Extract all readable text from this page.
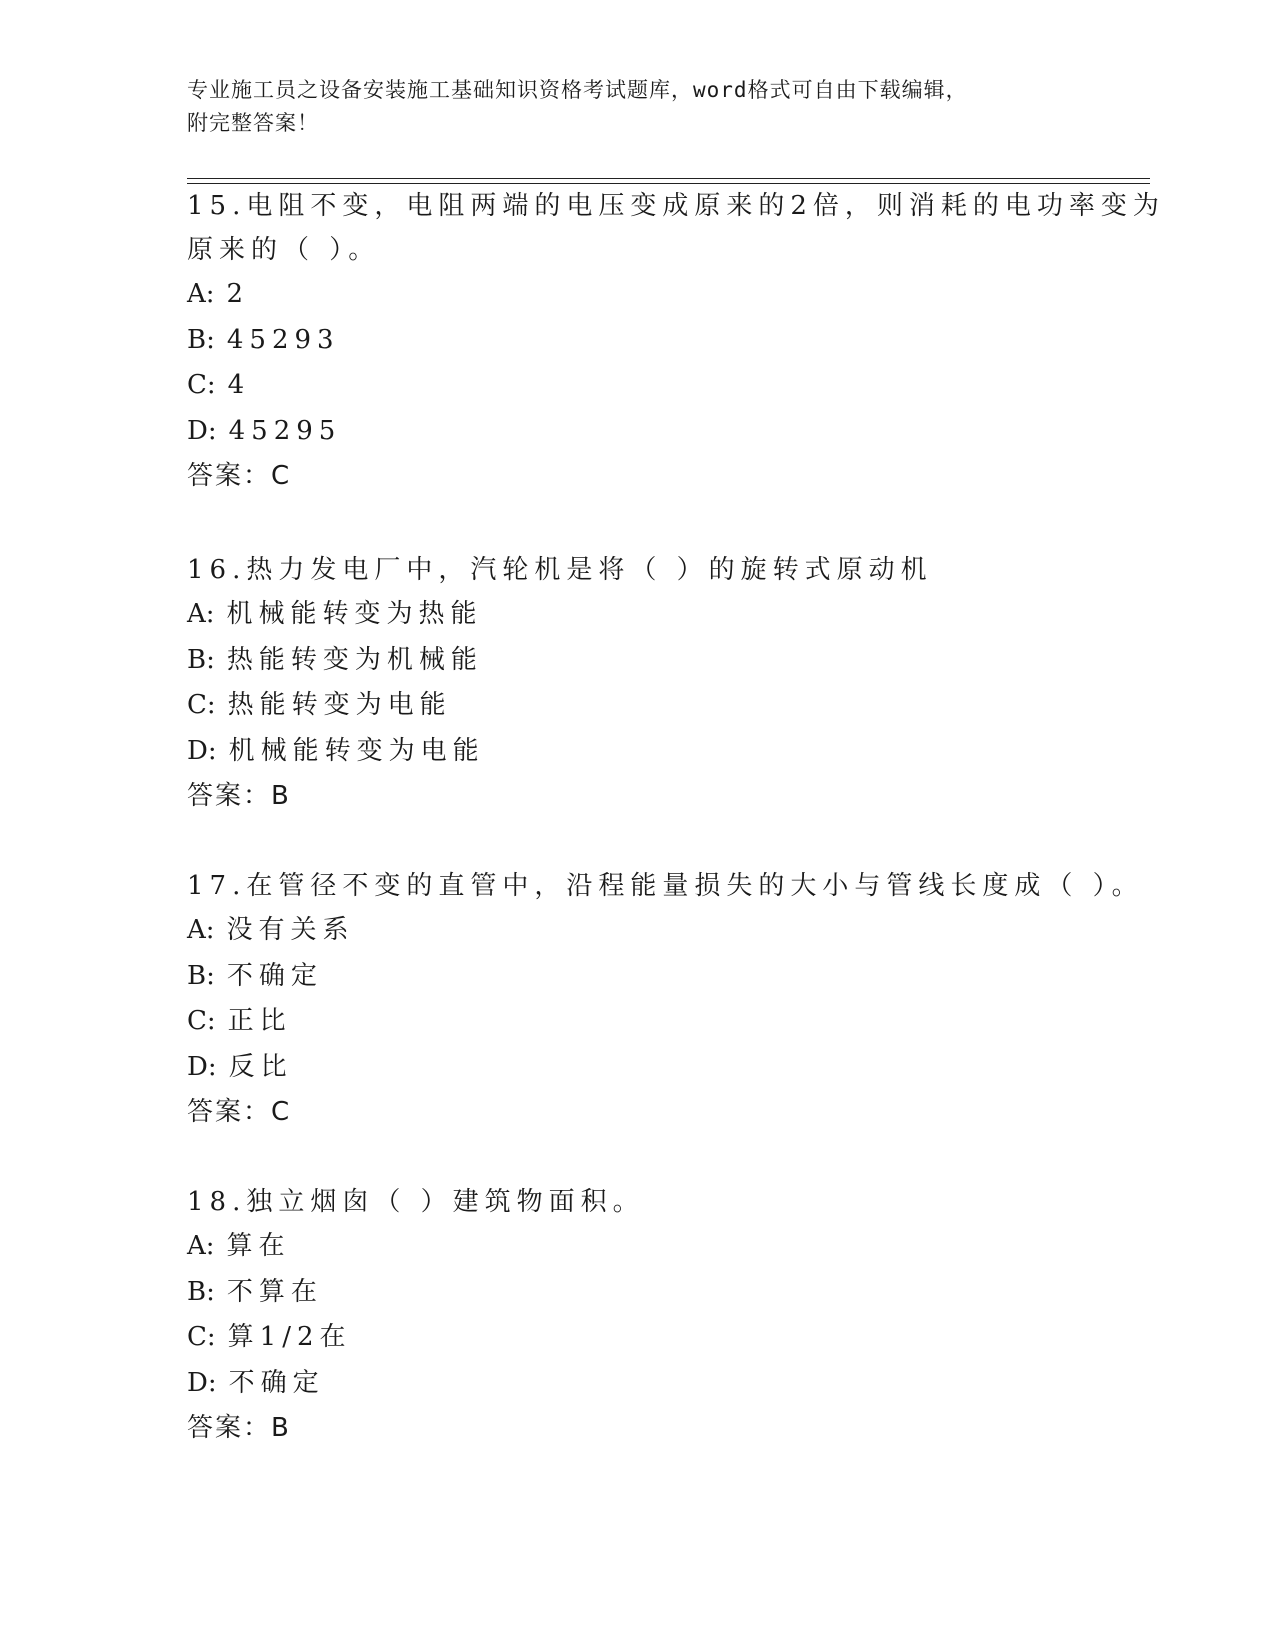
专业施工员之设备安装施工基础知识资格考试题库，word格式可自由下载编辑，
附完整答案！
15.电阻不变，电阻两端的电压变成原来的2倍，则消耗的电功率变为
原来的（ ）。
A: 2
B: 45293
C: 4
D: 45295
答案：C
16.热力发电厂中，汽轮机是将（ ）的旋转式原动机
A: 机械能转变为热能
B: 热能转变为机械能
C: 热能转变为电能
D: 机械能转变为电能
答案：B
17.在管径不变的直管中，沿程能量损失的大小与管线长度成（ ）。
A: 没有关系
B: 不确定
C: 正比
D: 反比
答案：C
18.独立烟囱（ ）建筑物面积。
A: 算在
B: 不算在
C: 算1/2在
D: 不确定
答案：B
